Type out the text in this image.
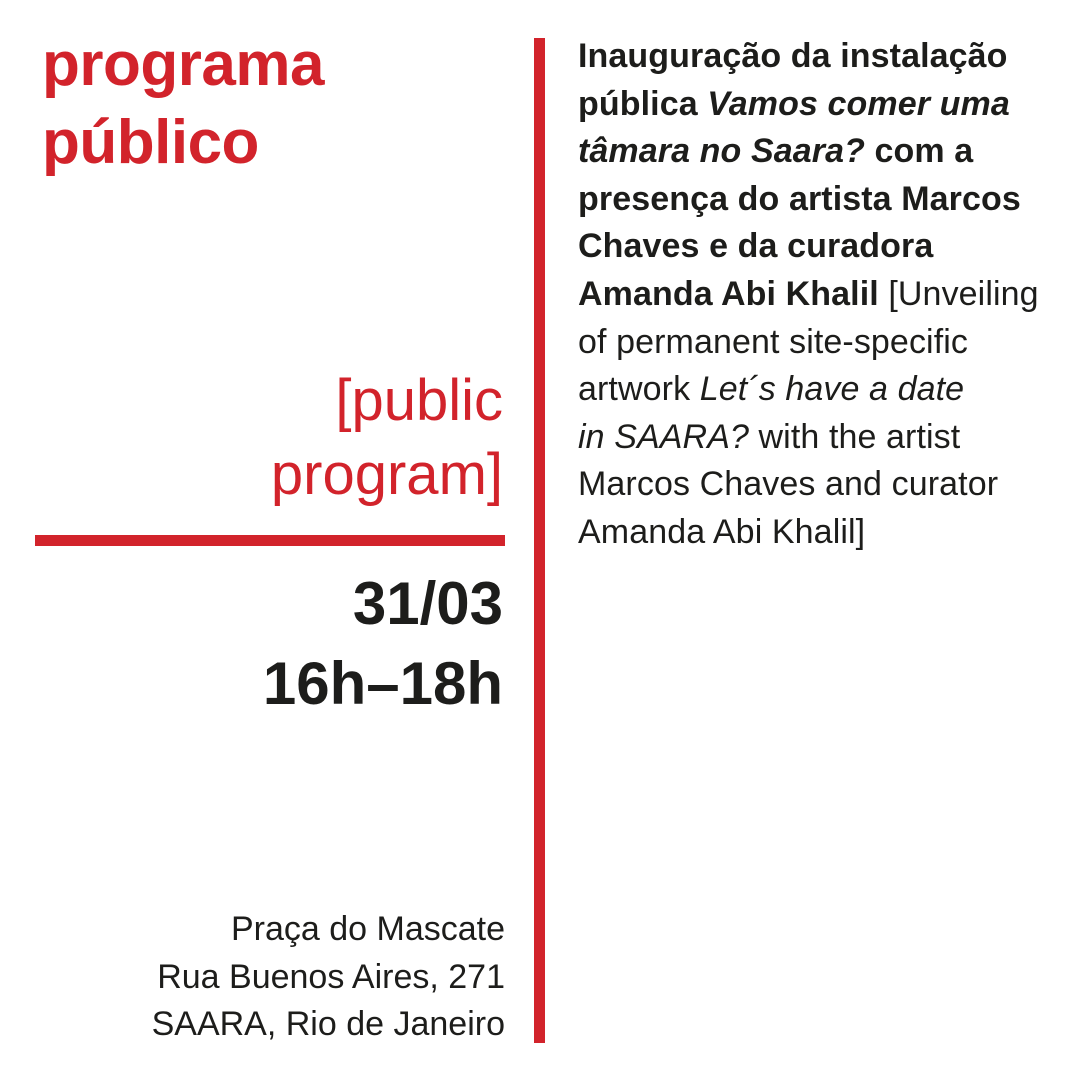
programa
público
[public
program]
31/03
16h–18h
Praça do Mascate
Rua Buenos Aires, 271
SAARA, Rio de Janeiro
Inauguração da instalação
pública Vamos comer uma
tâmara no Saara? com a
presença do artista Marcos
Chaves e da curadora
Amanda Abi Khalil [Unveiling
of permanent site-specific
artwork Let´s have a date
in SAARA? with the artist
Marcos Chaves and curator
Amanda Abi Khalil]
